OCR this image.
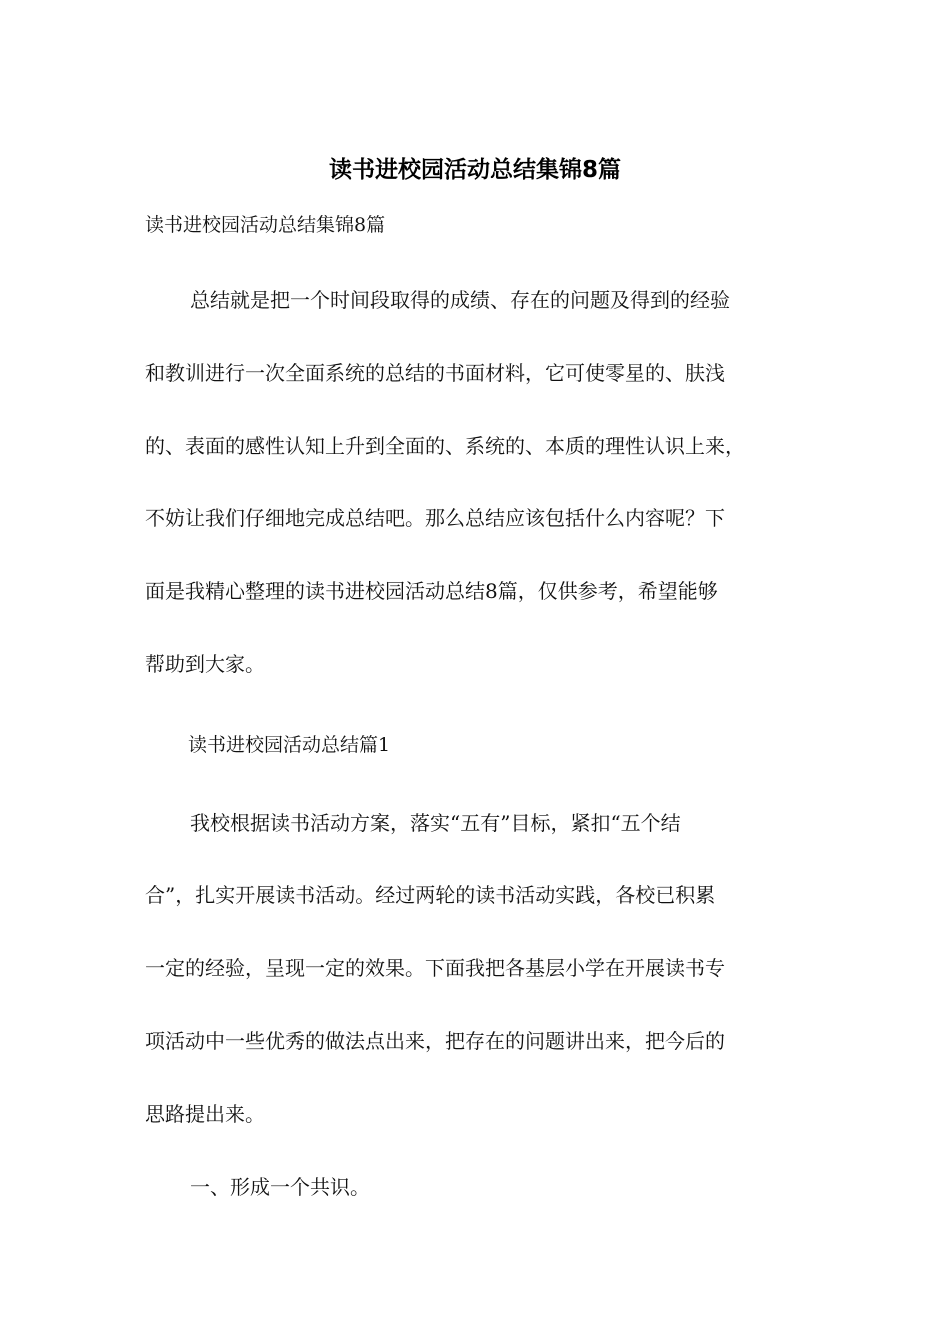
读书进校园活动总结集锦8篇

读书进校园活动总结集锦8篇

总结就是把一个时间段取得的成绩、存在的问题及得到的经验

和教训进行一次全面系统的总结的书面材料，它可使零星的、肤浅

的、表面的感性认知上升到全面的、系统的、本质的理性认识上来，

不妨让我们仔细地完成总结吧。那么总结应该包括什么内容呢？下

面是我精心整理的读书进校园活动总结8篇，仅供参考，希望能够

帮助到大家。

读书进校园活动总结篇1

我校根据读书活动方案，落实“五有”目标，紧扣“五个结

合”，扎实开展读书活动。经过两轮的读书活动实践，各校已积累

一定的经验，呈现一定的效果。下面我把各基层小学在开展读书专

项活动中一些优秀的做法点出来，把存在的问题讲出来，把今后的

思路提出来。

一、形成一个共识。
